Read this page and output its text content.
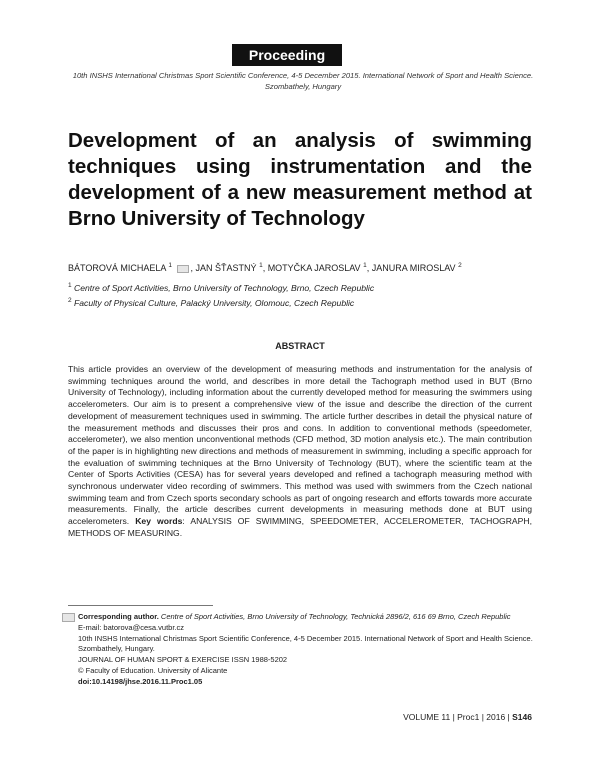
Proceeding
10th INSHS International Christmas Sport Scientific Conference, 4-5 December 2015. International Network of Sport and Health Science. Szombathely, Hungary
Development of an analysis of swimming techniques using instrumentation and the development of a new measurement method at Brno University of Technology
BÁTOROVÁ MICHAELA $^1$ , JAN ŠŤASTNÝ $^1$, MOTYČKA JAROSLAV $^1$, JANURA MIROSLAV $^2$
$^1$ Centre of Sport Activities, Brno University of Technology, Brno, Czech Republic
$^2$ Faculty of Physical Culture, Palacký University, Olomouc, Czech Republic
ABSTRACT
This article provides an overview of the development of measuring methods and instrumentation for the analysis of swimming techniques around the world, and describes in more detail the Tachograph method used in BUT (Brno University of Technology), including information about the currently developed method for measuring the swimmers using accelerometers. Our aim is to present a comprehensive view of the issue and describe the direction of the current development of measurement techniques used in swimming. The article further describes in detail the physical nature of the measurement methods and discusses their pros and cons. In addition to conventional methods (speedometer, accelerometer), we also mention unconventional methods (CFD method, 3D motion analysis etc.). The main contribution of the paper is in highlighting new directions and methods of measurement in swimming, including a specific approach for the evaluation of swimming techniques at the Brno University of Technology (BUT), where the scientific team at the Center of Sports Activities (CESA) has for several years developed and refined a tachograph measuring method with synchronous underwater video recording of swimmers. This method was used with swimmers from the Czech national swimming team and from Czech sports secondary schools as part of ongoing research and efforts towards more accurate measurements. Finally, the article describes current developments in measuring methods done at BUT using accelerometers. Key words: ANALYSIS OF SWIMMING, SPEEDOMETER, ACCELEROMETER, TACHOGRAPH, METHODS OF MEASURING.

Corresponding author. Centre of Sport Activities, Brno University of Technology, Technická 2896/2, 616 69 Brno, Czech Republic

E-mail: batorova@cesa.vutbr.cz

10th INSHS International Christmas Sport Scientific Conference, 4-5 December 2015. International Network of Sport and Health Science. Szombathely, Hungary.

JOURNAL OF HUMAN SPORT & EXERCISE ISSN 1988-5202

© Faculty of Education. University of Alicante

doi:10.14198/jhse.2016.11.Proc1.05

VOLUME 11 | Proc1 | 2016 | S146
